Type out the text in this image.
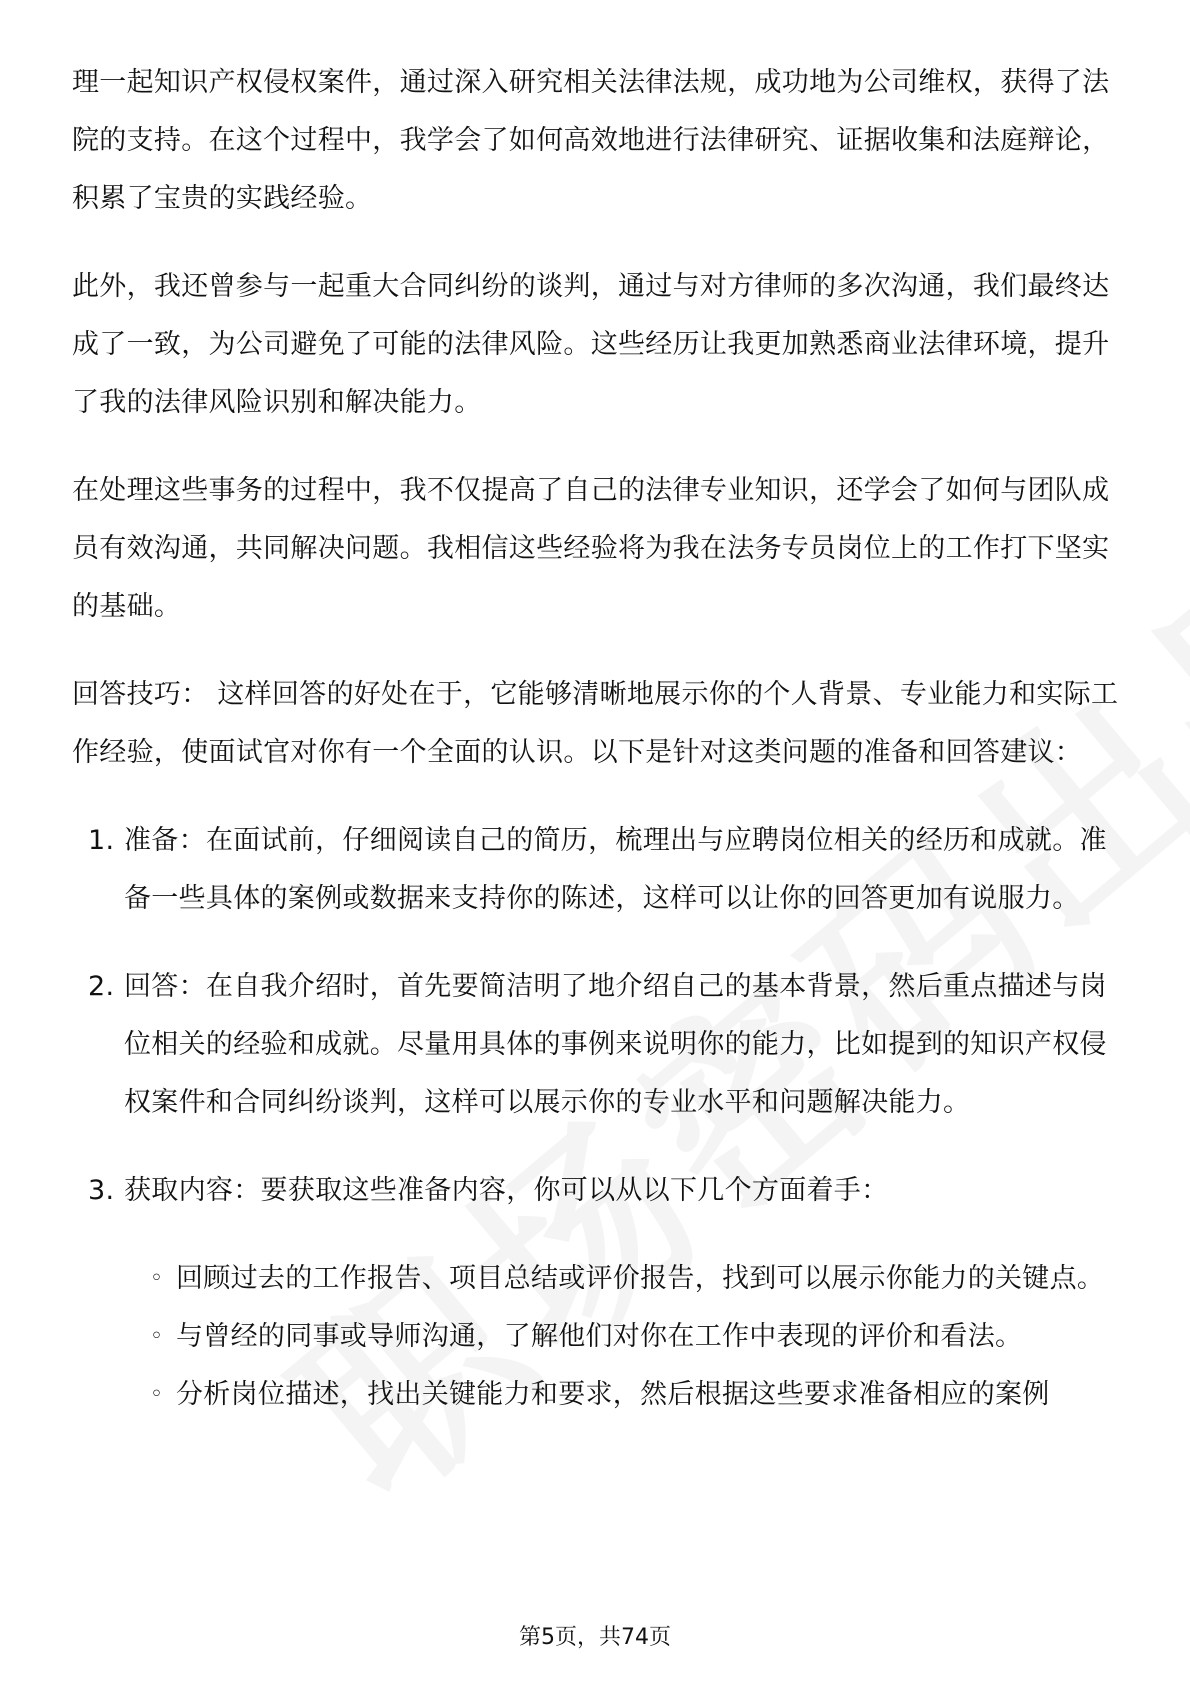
理一起知识产权侵权案件，通过深入研究相关法律法规，成功地为公司维权，获得了法院的支持。在这个过程中，我学会了如何高效地进行法律研究、证据收集和法庭辩论，积累了宝贵的实践经验。

此外，我还曾参与一起重大合同纠纷的谈判，通过与对方律师的多次沟通，我们最终达成了一致，为公司避免了可能的法律风险。这些经历让我更加熟悉商业法律环境，提升了我的法律风险识别和解决能力。

在处理这些事务的过程中，我不仅提高了自己的法律专业知识，还学会了如何与团队成员有效沟通，共同解决问题。我相信这些经验将为我在法务专员岗位上的工作打下坚实的基础。

回答技巧： 这样回答的好处在于，它能够清晰地展示你的个人背景、专业能力和实际工作经验，使面试官对你有一个全面的认识。以下是针对这类问题的准备和回答建议：

1. 准备：在面试前，仔细阅读自己的简历，梳理出与应聘岗位相关的经历和成就。准备一些具体的案例或数据来支持你的陈述，这样可以让你的回答更加有说服力。
2. 回答：在自我介绍时，首先要简洁明了地介绍自己的基本背景，然后重点描述与岗位相关的经验和成就。尽量用具体的事例来说明你的能力，比如提到的知识产权侵权案件和合同纠纷谈判，这样可以展示你的专业水平和问题解决能力。
3. 获取内容：要获取这些准备内容，你可以从以下几个方面着手：
◦ 回顾过去的工作报告、项目总结或评价报告，找到可以展示你能力的关键点。
◦ 与曾经的同事或导师沟通，了解他们对你在工作中表现的评价和看法。
◦ 分析岗位描述，找出关键能力和要求，然后根据这些要求准备相应的案例
第5页，共74页
